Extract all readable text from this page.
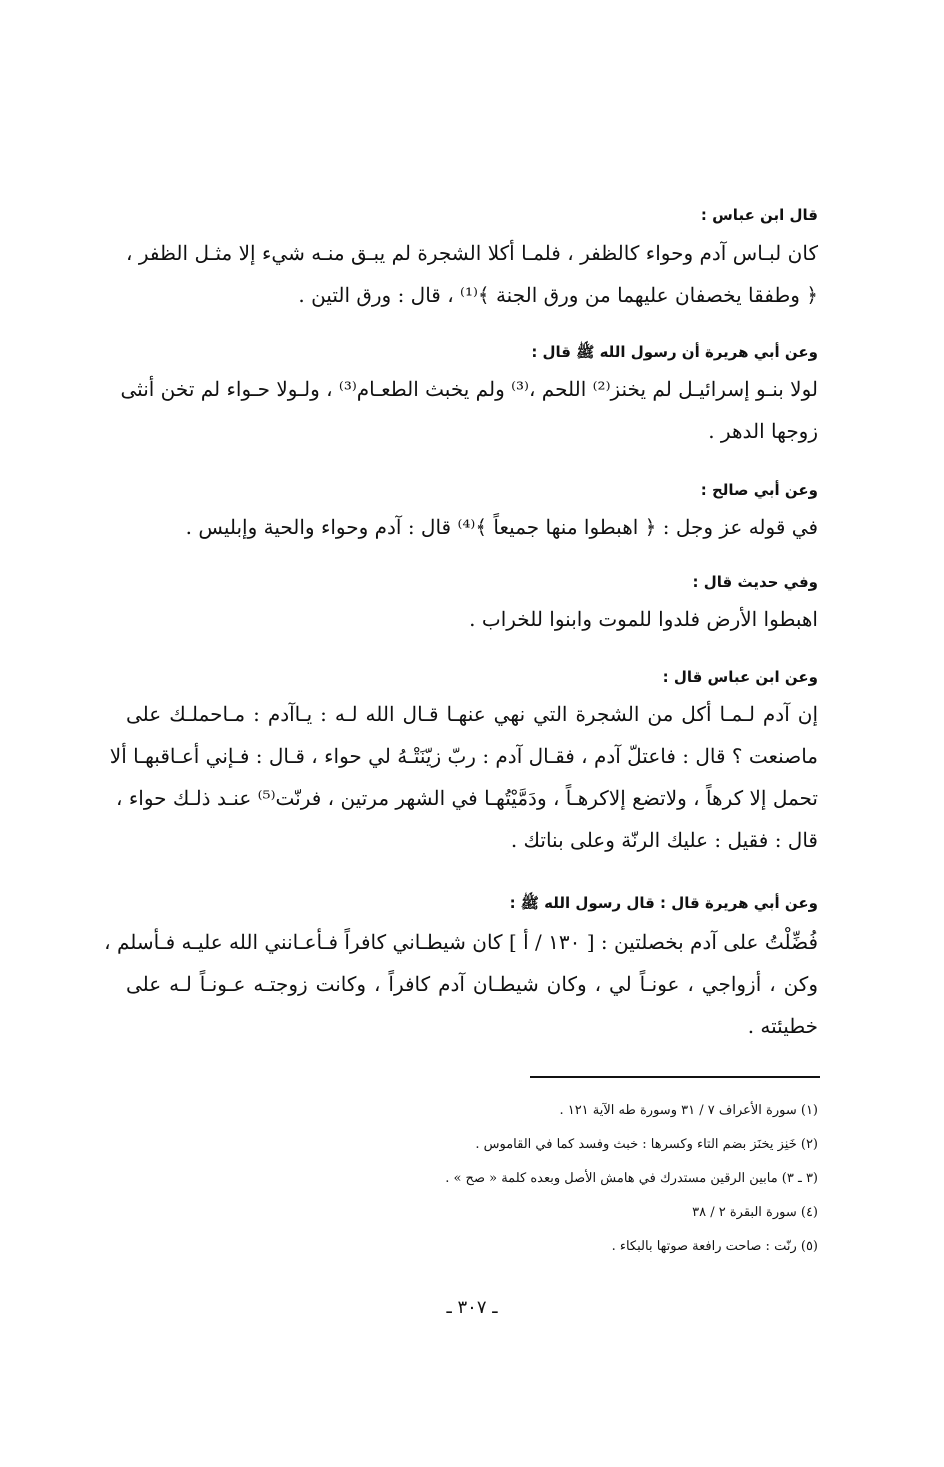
قال ابن عباس :
كان لبـاس آدم وحواء كالظفر ، فلمـا أكلا الشجرة لم يبـق منـه شيء إلا مثـل الظفر ،
﴿ وطفقا يخصفان عليهما من ورق الجنة ﴾⁽¹⁾ ، قال : ورق التين .
وعن أبي هريرة أن رسول الله ﷺ قال :
لولا بنـو إسرائيـل لم يخنز⁽²⁾ اللحم ،⁽³⁾ ولم يخبث الطعـام⁽³⁾ ، ولـولا حـواء لم تخن أنثى
زوجها الدهر .
وعن أبي صالح :
في قوله عز وجل : ﴿ اهبطوا منها جميعاً ﴾⁽⁴⁾ قال : آدم وحواء والحية وإبليس .
وفي حديث قال :
اهبطوا الأرض فلدوا للموت وابنوا للخراب .
وعن ابن عباس قال :
إن آدم لـمـا أكل من الشجرة التي نهي عنهـا قـال الله لـه : يـاآدم : مـاحملـك على
ماصنعت ؟ قال : فاعتلّ آدم ، فقـال آدم : ربّ زيّنَتْـهُ لي حواء ، قـال : فـإني أعـاقبهـا ألا
تحمل إلا كرهاً ، ولاتضع إلاكرهـاً ، ودَمَّيْتُهـا في الشهر مرتين ، فرنّت⁽⁵⁾ عنـد ذلـك حواء ،
قال : فقيل : عليك الرنّة وعلى بناتك .
وعن أبي هريرة قال : قال رسول الله ﷺ :
فُضِّلْتُ على آدم بخصلتين : [ ١٣٠ / أ ] كان شيطـاني كافراً فـأعـانني الله عليـه فـأسلم ،
وكن ، أزواجي ، عونـاً لي ، وكان شيطـان آدم كافراً ، وكانت زوجتـه عـونـاً لـه على
خطيئته .
(١) سورة الأعراف ٧ / ٣١ وسورة طه الآية ١٢١ .
(٢) خَنِز يخنَز بضم التاء وكسرها : خبث وفسد كما في القاموس .
(٣ ـ ٣) مابين الرقين مستدرك في هامش الأصل وبعده كلمة « صح » .
(٤) سورة البقرة ٢ / ٣٨
(٥) رنّت : صاحت رافعة صوتها بالبكاء .
ـ ٣٠٧ ـ
